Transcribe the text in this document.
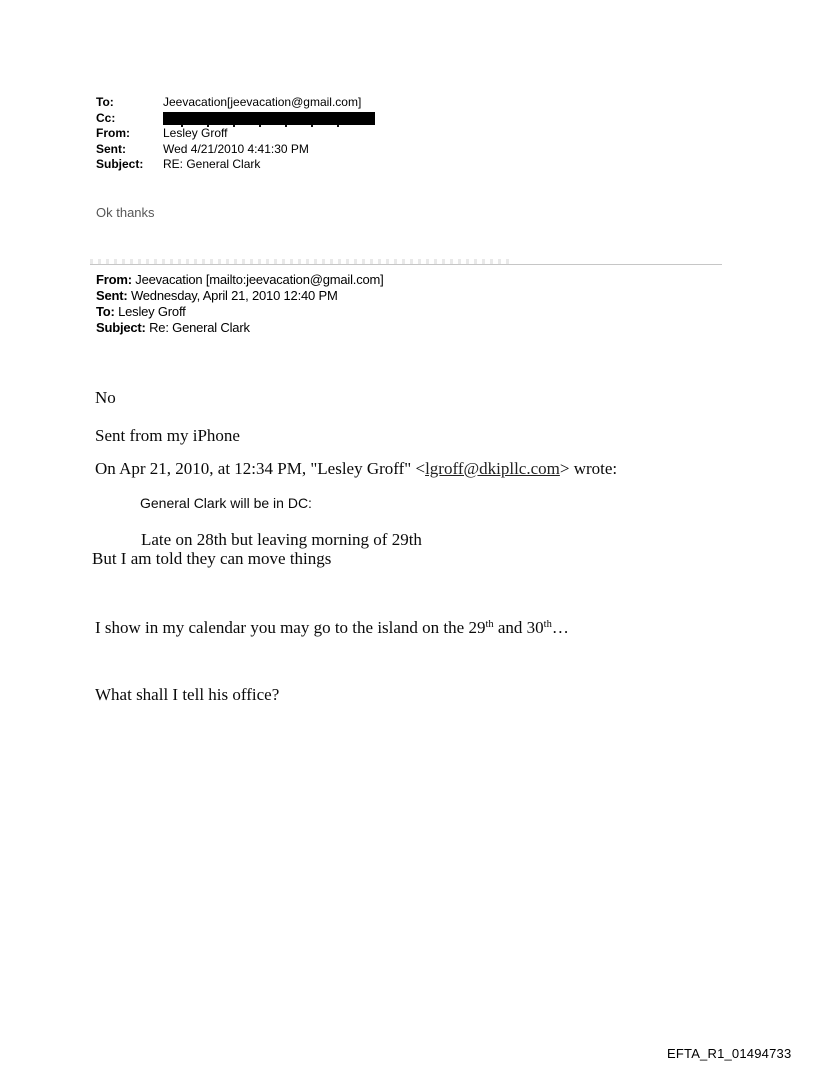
To:	Jeevacation[jeevacation@gmail.com]
Cc:
From:	Lesley Groff
Sent:	Wed 4/21/2010 4:41:30 PM
Subject:	RE: General Clark
Ok thanks
From: Jeevacation [mailto:jeevacation@gmail.com]
Sent: Wednesday, April 21, 2010 12:40 PM
To: Lesley Groff
Subject: Re: General Clark
No
Sent from my iPhone
On Apr 21, 2010, at 12:34 PM, "Lesley Groff" <lgroff@dkipllc.com> wrote:
General Clark will be in DC:
Late on 28th but leaving morning of 29th
But I am told they can move things
I show in my calendar you may go to the island on the 29th and 30th…
What shall I tell his office?
EFTA_R1_01494733
